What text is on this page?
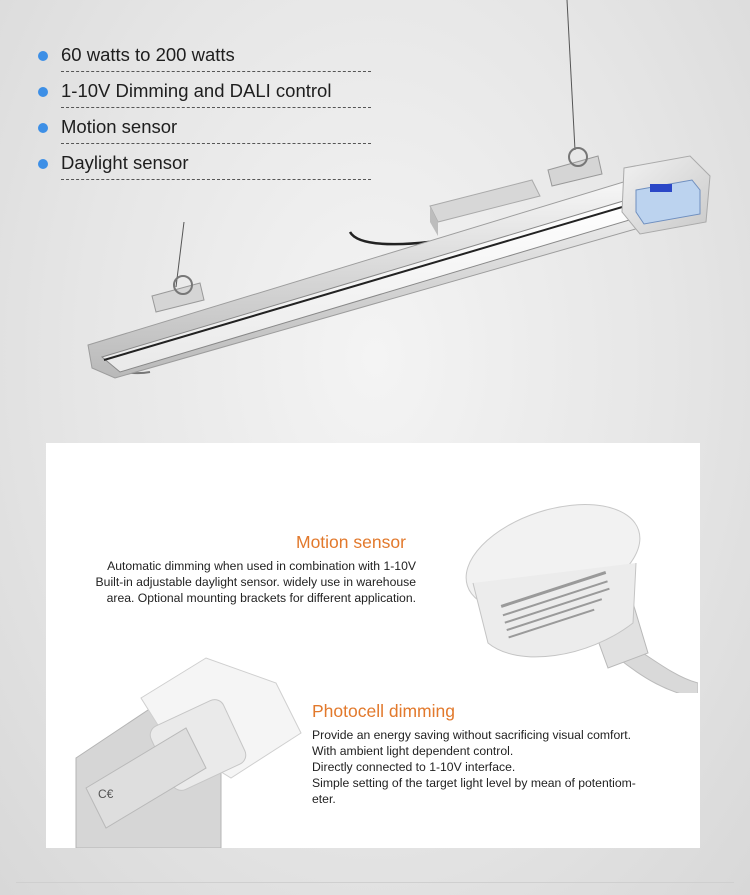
60 watts to 200 watts
1-10V Dimming and DALI control
Motion sensor
Daylight sensor
Motion sensor
Automatic dimming when used in combination with 1-10V
Built-in adjustable daylight sensor. widely use in warehouse
area. Optional mounting brackets for different application.
C€
Photocell dimming
Provide an energy saving without sacrificing visual comfort.
With ambient light dependent control.
Directly connected to 1-10V interface.
Simple setting of the target light level by mean of potentiom-
eter.
